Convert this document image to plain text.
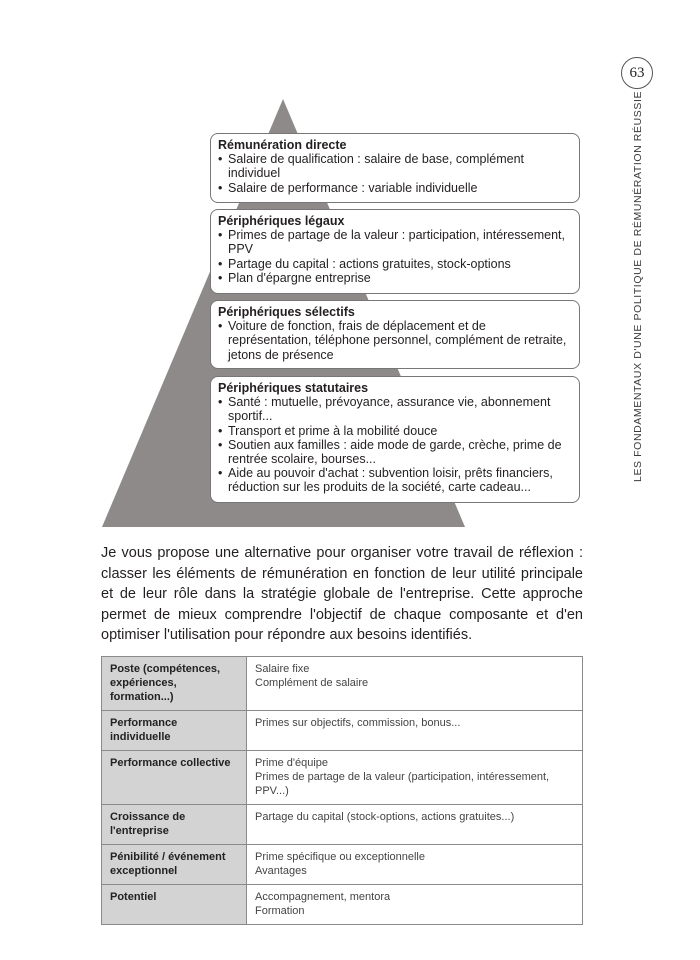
63
LES FONDAMENTAUX D'UNE POLITIQUE DE RÉMUNÉRATION RÉUSSIE
Rémunération directe
• Salaire de qualification : salaire de base, complément individuel
• Salaire de performance : variable individuelle
Périphériques légaux
• Primes de partage de la valeur : participation, intéressement, PPV
• Partage du capital : actions gratuites, stock-options
• Plan d'épargne entreprise
Périphériques sélectifs
• Voiture de fonction, frais de déplacement et de représentation, téléphone personnel, complément de retraite, jetons de présence
Périphériques statutaires
• Santé : mutuelle, prévoyance, assurance vie, abonnement sportif...
• Transport et prime à la mobilité douce
• Soutien aux familles : aide mode de garde, crèche, prime de rentrée scolaire, bourses...
• Aide au pouvoir d'achat : subvention loisir, prêts financiers, réduction sur les produits de la société, carte cadeau...

Je vous propose une alternative pour organiser votre travail de réflexion : classer les éléments de rémunération en fonction de leur utilité principale et de leur rôle dans la stratégie globale de l'entreprise. Cette approche permet de mieux comprendre l'objectif de chaque composante et d'en optimiser l'utilisation pour répondre aux besoins identifiés.

Poste (compétences, expériences, formation...)	Salaire fixe
Complément de salaire

Performance individuelle	Primes sur objectifs, commission, bonus...

Performance collective	Prime d'équipe
Primes de partage de la valeur (participation, intéressement, PPV...)

Croissance de l'entreprise	Partage du capital (stock-options, actions gratuites...)

Pénibilité / événement exceptionnel	Prime spécifique ou exceptionnelle
Avantages

Potentiel	Accompagnement, mentora
Formation
